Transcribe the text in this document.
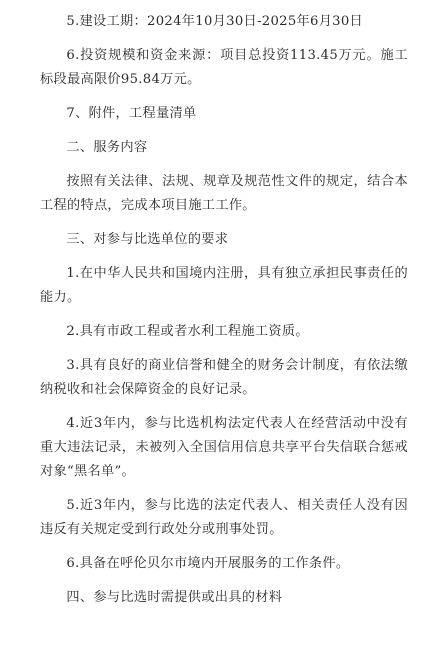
5.建设工期：2024年10月30日-2025年6月30日

6.投资规模和资金来源：项目总投资113.45万元。施工标段最高限价95.84万元。

7、附件，工程量清单

二、服务内容

按照有关法律、法规、规章及规范性文件的规定，结合本工程的特点，完成本项目施工工作。

三、对参与比选单位的要求

1.在中华人民共和国境内注册，具有独立承担民事责任的能力。

2.具有市政工程或者水利工程施工资质。

3.具有良好的商业信誉和健全的财务会计制度，有依法缴纳税收和社会保障资金的良好记录。

4.近3年内，参与比选机构法定代表人在经营活动中没有重大违法记录，未被列入全国信用信息共享平台失信联合惩戒对象“黑名单”。

5.近3年内，参与比选的法定代表人、相关责任人没有因违反有关规定受到行政处分或刑事处罚。

6.具备在呼伦贝尔市境内开展服务的工作条件。

四、参与比选时需提供或出具的材料
